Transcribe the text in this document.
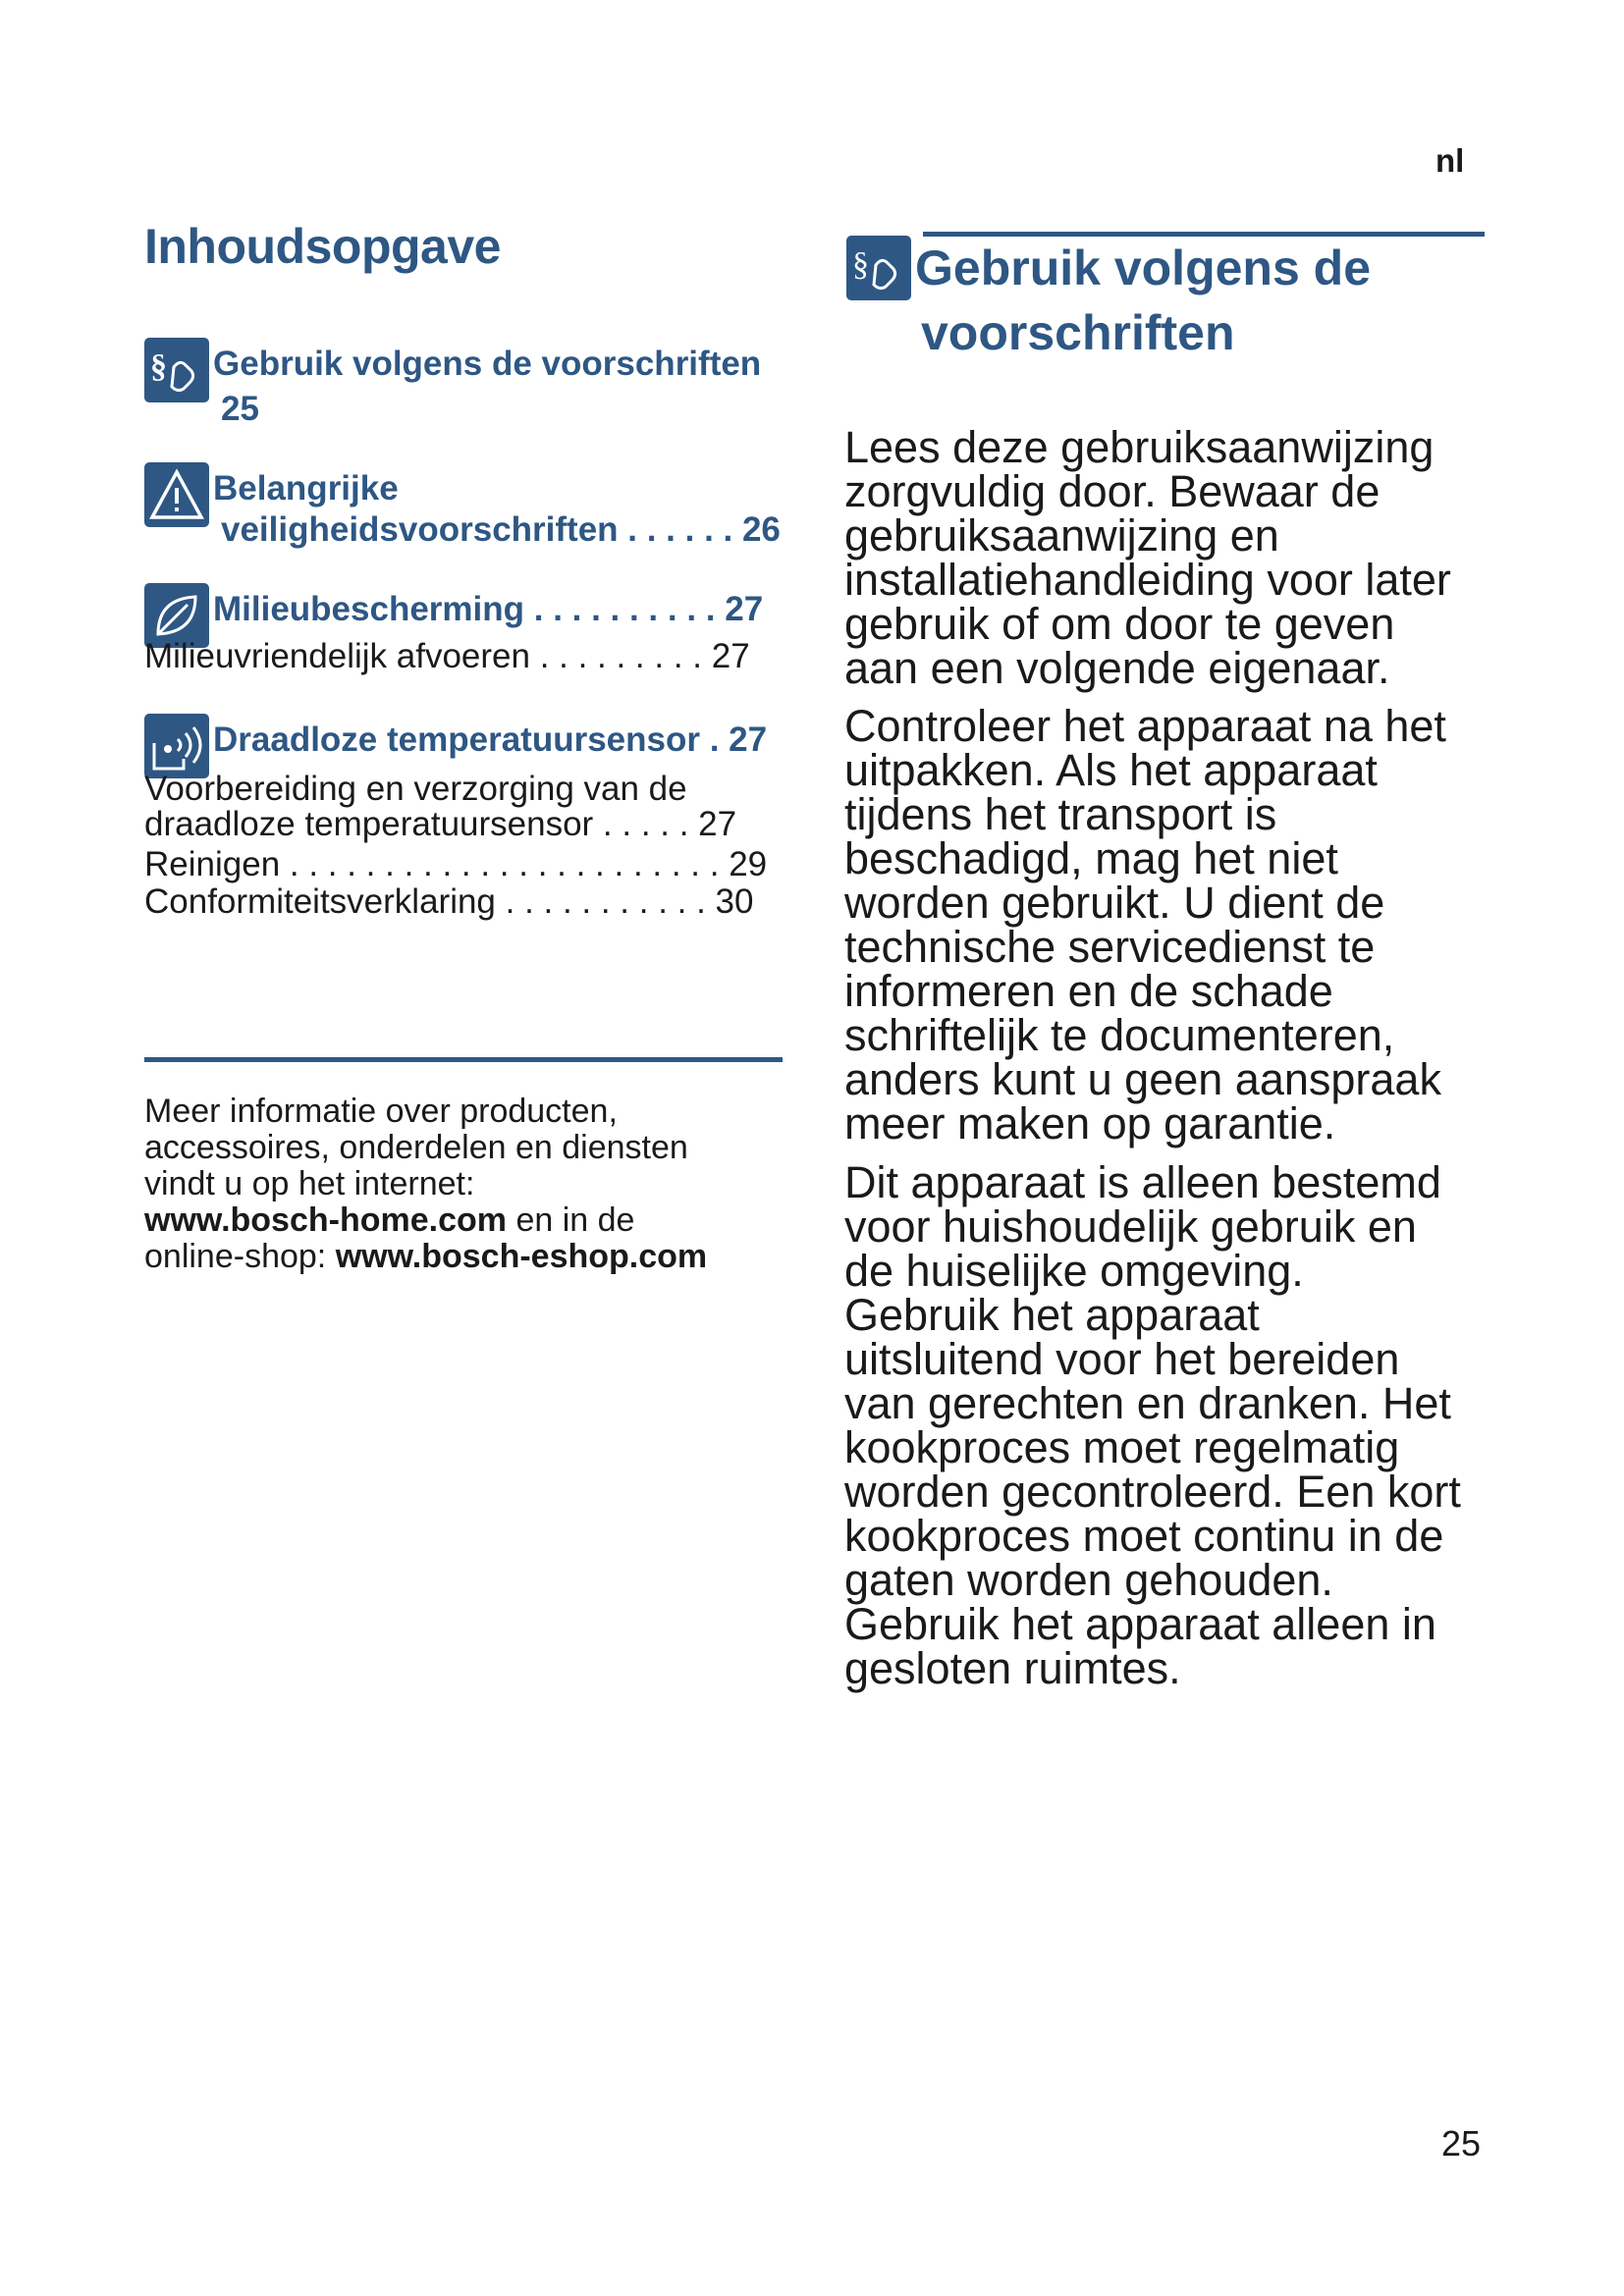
nl
Inhoudsopgave
§ Gebruik volgens de voorschriften
25
Belangrijke
veiligheidsvoorschriften . . . . . . 26
Milieubescherming . . . . . . . . . . 27
Milieuvriendelijk afvoeren . . . . . . . . . 27
Draadloze temperatuursensor . 27
Voorbereiding en verzorging van de
draadloze temperatuursensor . . . . . 27
Reinigen . . . . . . . . . . . . . . . . . . . . . . . 29
Conformiteitsverklaring . . . . . . . . . . . 30
Meer informatie over producten,
accessoires, onderdelen en diensten
vindt u op het internet:
www.bosch-home.com en in de
online-shop: www.bosch-eshop.com
§ Gebruik volgens de
voorschriften
Lees deze gebruiksaanwijzing
zorgvuldig door. Bewaar de
gebruiksaanwijzing en
installatiehandleiding voor later
gebruik of om door te geven
aan een volgende eigenaar.
Controleer het apparaat na het
uitpakken. Als het apparaat
tijdens het transport is
beschadigd, mag het niet
worden gebruikt. U dient de
technische servicedienst te
informeren en de schade
schriftelijk te documenteren,
anders kunt u geen aanspraak
meer maken op garantie.
Dit apparaat is alleen bestemd
voor huishoudelijk gebruik en
de huiselijke omgeving.
Gebruik het apparaat
uitsluitend voor het bereiden
van gerechten en dranken. Het
kookproces moet regelmatig
worden gecontroleerd. Een kort
kookproces moet continu in de
gaten worden gehouden.
Gebruik het apparaat alleen in
gesloten ruimtes.
25
